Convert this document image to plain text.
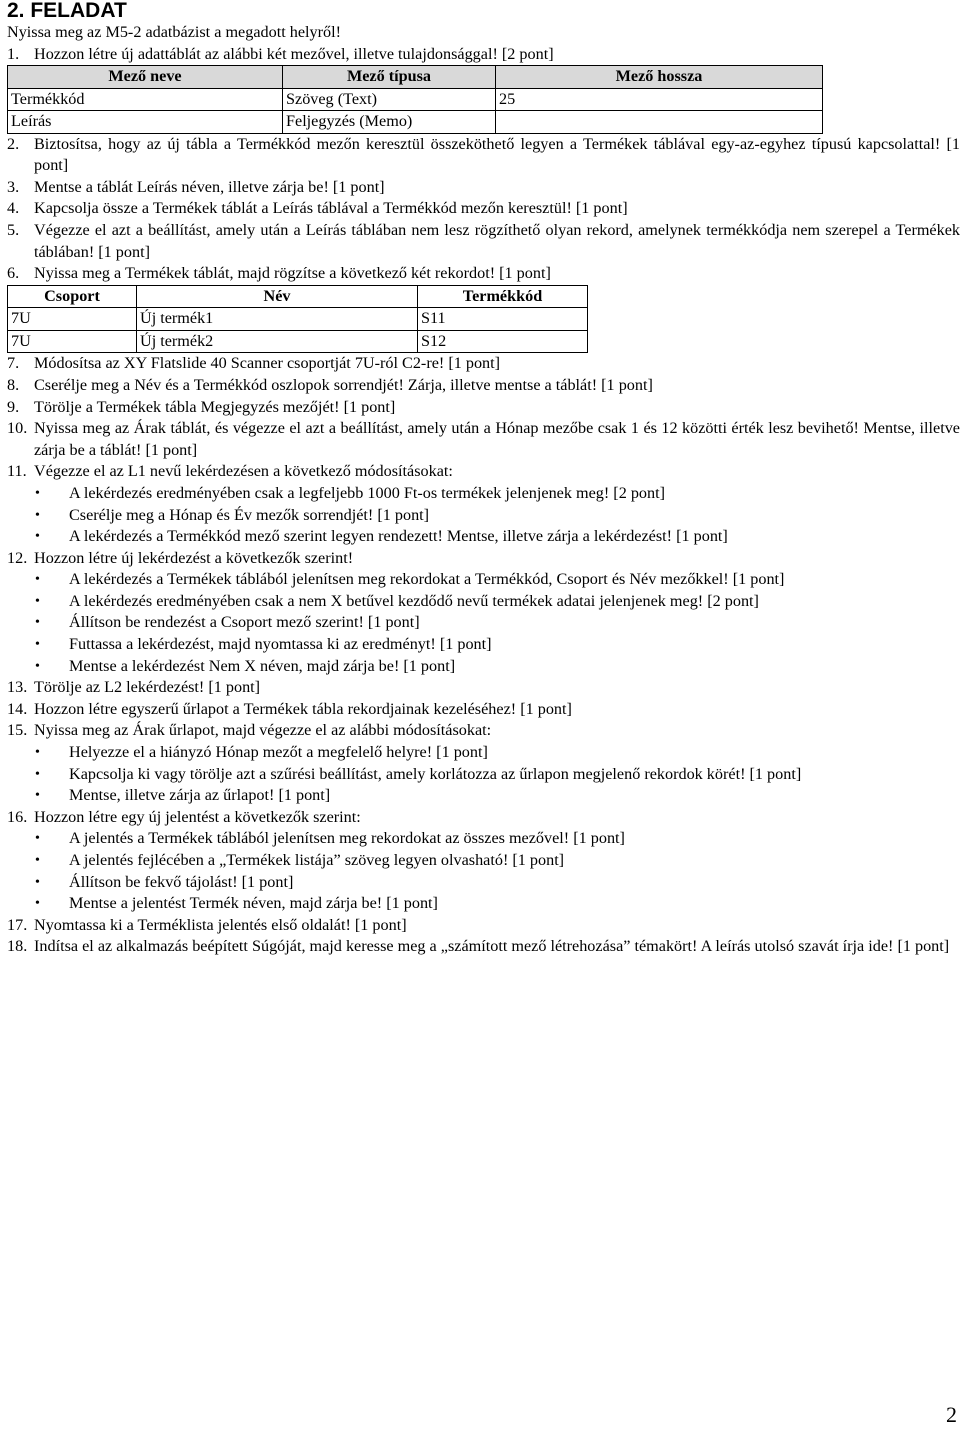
2. FELADAT

Nyissa meg az M5-2 adatbázist a megadott helyről!

1. Hozzon létre új adattáblát az alábbi két mezővel, illetve tulajdonsággal! [2 pont]
Mező neve	Mező típusa	Mező hossza
Termékkód	Szöveg (Text)	25
Leírás	Feljegyzés (Memo)	
2. Biztosítsa, hogy az új tábla a Termékkód mezőn keresztül összeköthető legyen a Termékek táblával egy-az-egyhez típusú kapcsolattal! [1 pont]
3. Mentse a táblát Leírás néven, illetve zárja be! [1 pont]
4. Kapcsolja össze a Termékek táblát a Leírás táblával a Termékkód mezőn keresztül! [1 pont]
5. Végezze el azt a beállítást, amely után a Leírás táblában nem lesz rögzíthető olyan rekord, amelynek termékkódja nem szerepel a Termékek táblában! [1 pont]
6. Nyissa meg a Termékek táblát, majd rögzítse a következő két rekordot! [1 pont]
Csoport	Név	Termékkód
7U	Új termék1	S11
7U	Új termék2	S12
7. Módosítsa az XY Flatslide 40 Scanner csoportját 7U-ról C2-re! [1 pont]
8. Cserélje meg a Név és a Termékkód oszlopok sorrendjét! Zárja, illetve mentse a táblát! [1 pont]
9. Törölje a Termékek tábla Megjegyzés mezőjét! [1 pont]
10. Nyissa meg az Árak táblát, és végezze el azt a beállítást, amely után a Hónap mezőbe csak 1 és 12 közötti érték lesz bevihető! Mentse, illetve zárja be a táblát! [1 pont]
11. Végezze el az L1 nevű lekérdezésen a következő módosításokat:
•	A lekérdezés eredményében csak a legfeljebb 1000 Ft-os termékek jelenjenek meg! [2 pont]
•	Cserélje meg a Hónap és Év mezők sorrendjét! [1 pont]
•	A lekérdezés a Termékkód mező szerint legyen rendezett! Mentse, illetve zárja a lekérdezést! [1 pont]
12. Hozzon létre új lekérdezést a következők szerint!
•	A lekérdezés a Termékek táblából jelenítsen meg rekordokat a Termékkód, Csoport és Név mezőkkel! [1 pont]
•	A lekérdezés eredményében csak a nem X betűvel kezdődő nevű termékek adatai jelenjenek meg! [2 pont]
•	Állítson be rendezést a Csoport mező szerint! [1 pont]
•	Futtassa a lekérdezést, majd nyomtassa ki az eredményt! [1 pont]
•	Mentse a lekérdezést Nem X néven, majd zárja be! [1 pont]
13. Törölje az L2 lekérdezést! [1 pont]
14. Hozzon létre egyszerű űrlapot a Termékek tábla rekordjainak kezeléséhez! [1 pont]
15. Nyissa meg az Árak űrlapot, majd végezze el az alábbi módosításokat:
•	Helyezze el a hiányzó Hónap mezőt a megfelelő helyre! [1 pont]
•	Kapcsolja ki vagy törölje azt a szűrési beállítást, amely korlátozza az űrlapon megjelenő rekordok körét! [1 pont]
•	Mentse, illetve zárja az űrlapot! [1 pont]
16. Hozzon létre egy új jelentést a következők szerint:
•	A jelentés a Termékek táblából jelenítsen meg rekordokat az összes mezővel! [1 pont]
•	A jelentés fejlécében a „Termékek listája” szöveg legyen olvasható! [1 pont]
•	Állítson be fekvő tájolást! [1 pont]
•	Mentse a jelentést Termék néven, majd zárja be! [1 pont]
17. Nyomtassa ki a Terméklista jelentés első oldalát! [1 pont]
18. Indítsa el az alkalmazás beépített Súgóját, majd keresse meg a „számított mező létrehozása” témakört! A leírás utolsó szavát írja ide! [1 pont]
2
